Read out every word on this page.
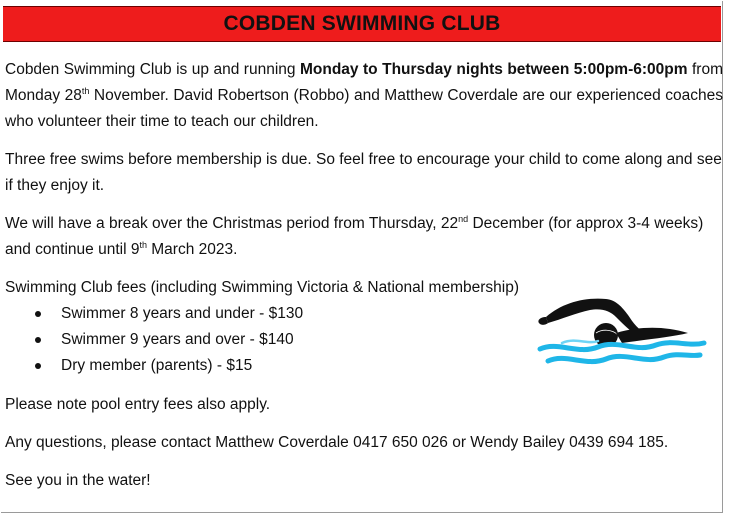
COBDEN SWIMMING CLUB

Cobden Swimming Club is up and running Monday to Thursday nights between 5:00pm-6:00pm from Monday 28th November. David Robertson (Robbo) and Matthew Coverdale are our experienced coaches who volunteer their time to teach our children.

Three free swims before membership is due. So feel free to encourage your child to come along and see if they enjoy it.

We will have a break over the Christmas period from Thursday, 22nd December (for approx 3-4 weeks) and continue until 9th March 2023.

Swimming Club fees (including Swimming Victoria & National membership)

Swimmer 8 years and under - $130
Swimmer 9 years and over - $140
Dry member (parents) - $15

Please note pool entry fees also apply.

Any questions, please contact Matthew Coverdale 0417 650 026 or Wendy Bailey 0439 694 185.

See you in the water!
